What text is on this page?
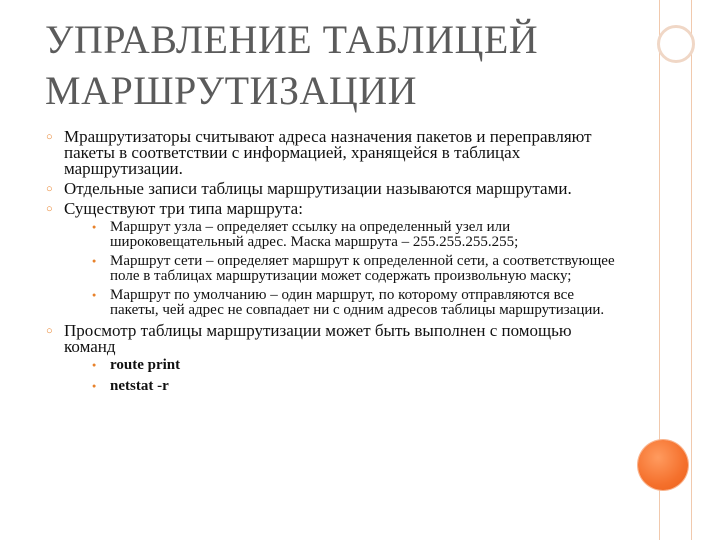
УПРАВЛЕНИЕ ТАБЛИЦЕЙ
МАРШРУТИЗАЦИИ
○ Мрашрутизаторы считывают адреса назначения пакетов и переправляют пакеты в соответствии с информацией, хранящейся в таблицах маршрутизации.
○ Отдельные записи таблицы маршрутизации называются маршрутами.
○ Существуют три типа маршрута:
● Маршрут узла – определяет ссылку на определенный узел или широковещательный адрес. Маска маршрута – 255.255.255.255;
● Маршрут сети – определяет маршрут к определенной сети, а соответствующее поле в таблицах маршрутизации может содержать произвольную маску;
● Маршрут по умолчанию – один маршрут, по которому отправляются все пакеты, чей адрес не совпадает ни с одним адресов таблицы маршрутизации.
○ Просмотр таблицы маршрутизации может быть выполнен с помощью команд
● route print
● netstat -r
